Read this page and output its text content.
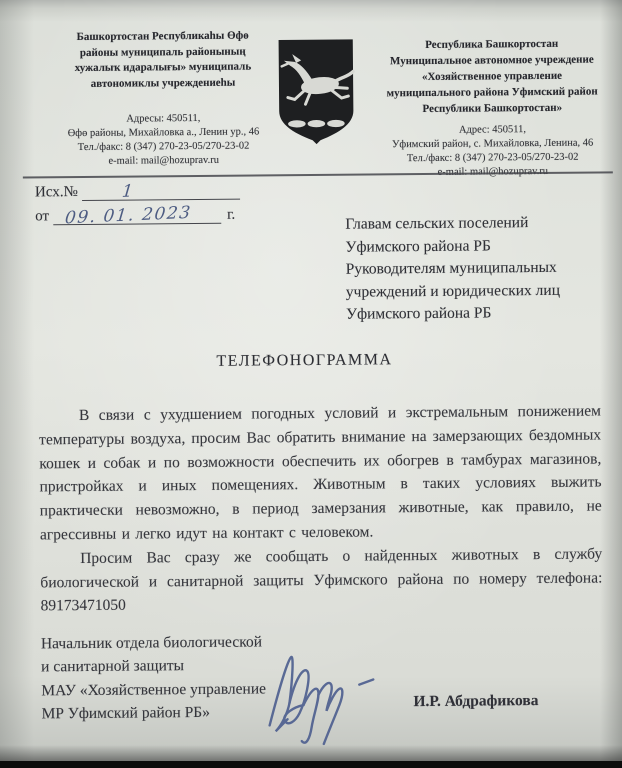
Башкортостан Республикаһы Өфө
районы муниципаль районының
хужалыҡ идаралығы» муниципаль
автономиклы учреждениеһы
Адресы: 450511,
Өфө районы, Михайловка а., Ленин ур., 46
Тел./факс: 8 (347) 270-23-05/270-23-02
e-mail: mail@hozuprav.ru
Республика Башкортостан
Муниципальное автономное учреждение
«Хозяйственное управление
муниципального района Уфимский район
Республики Башкортостан»
Адрес: 450511,
Уфимский район, с. Михайловка, Ленина, 46
Тел./факс: 8 (347) 270-23-05/270-23-02
Исх.№	1
от 09. 01. 2023 г.	Главам сельских поселений
Уфимского района РБ
Руководителям муниципальных
учреждений и юридических лиц
Уфимского района РБ
ТЕЛЕФОНОГРАММА

В связи с ухудшением погодных условий и экстремальным понижением температуры воздуха, просим Вас обратить внимание на замерзающих бездомных кошек и собак и по возможности обеспечить их обогрев в тамбурах магазинов, пристройках и иных помещениях. Животным в таких условиях выжить практически невозможно, в период замерзания животные, как правило, не агрессивны и легко идут на контакт с человеком.

Просим Вас сразу же сообщать о найденных животных в службу биологической и санитарной защиты Уфимского района по номеру телефона: 89173471050

Начальник отдела биологической
и санитарной защиты
МАУ «Хозяйственное управление
МР Уфимский район РБ»
И.Р. Абдрафикова
